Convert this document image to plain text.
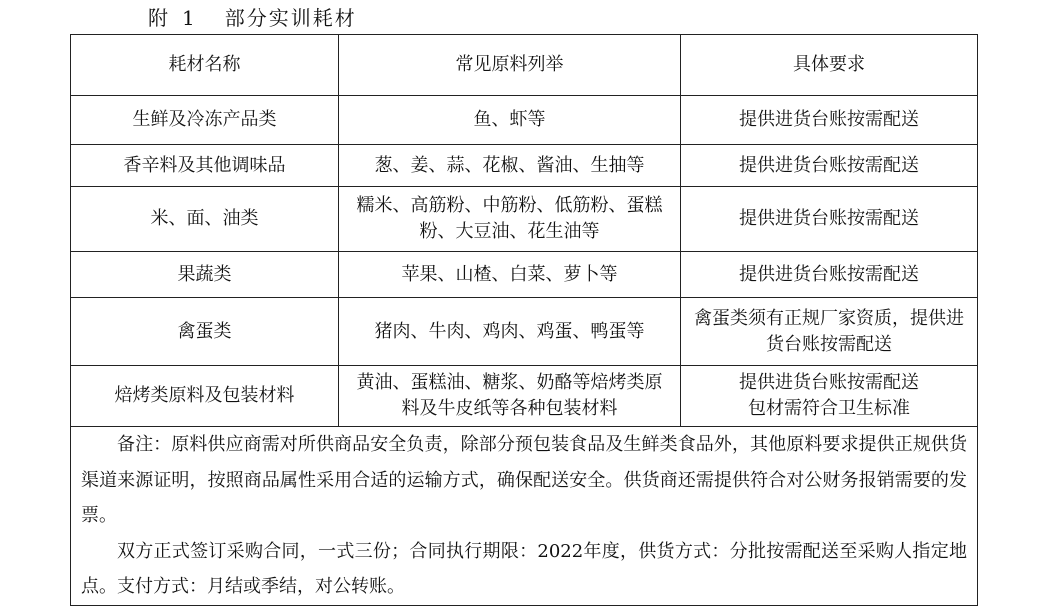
附 1 部分实训耗材
耗材名称	常见原料列举	具体要求
生鲜及冷冻产品类	鱼、虾等	提供进货台账按需配送
香辛料及其他调味品	葱、姜、蒜、花椒、酱油、生抽等	提供进货台账按需配送
米、面、油类	糯米、高筋粉、中筋粉、低筋粉、蛋糕粉、大豆油、花生油等	提供进货台账按需配送
果蔬类	苹果、山楂、白菜、萝卜等	提供进货台账按需配送
禽蛋类	猪肉、牛肉、鸡肉、鸡蛋、鸭蛋等	禽蛋类须有正规厂家资质，提供进货台账按需配送
焙烤类原料及包装材料	黄油、蛋糕油、糖浆、奶酪等焙烤类原料及牛皮纸等各种包装材料	提供进货台账按需配送
包材需符合卫生标准

备注：原料供应商需对所供商品安全负责，除部分预包装食品及生鲜类食品外，其他原料要求提供正规供货渠道来源证明，按照商品属性采用合适的运输方式，确保配送安全。供货商还需提供符合对公财务报销需要的发票。

双方正式签订采购合同，一式三份；合同执行期限：2022年度，供货方式：分批按需配送至采购人指定地点。支付方式：月结或季结，对公转账。		
